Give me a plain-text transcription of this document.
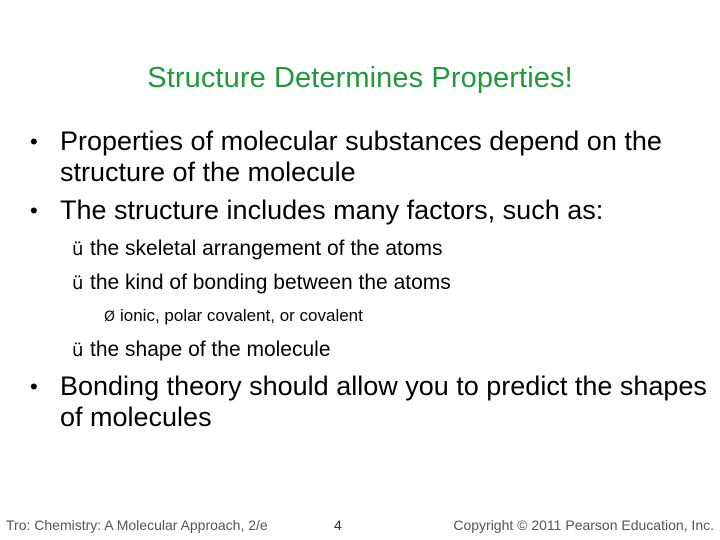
Structure Determines Properties!
• Properties of molecular substances depend on the structure of the molecule
• The structure includes many factors, such as:
ü the skeletal arrangement of the atoms
ü the kind of bonding between the atoms
Ø ionic, polar covalent, or covalent
ü the shape of the molecule
• Bonding theory should allow you to predict the shapes of molecules
Tro: Chemistry: A Molecular Approach, 2/e	4	Copyright © 2011 Pearson Education, Inc.
